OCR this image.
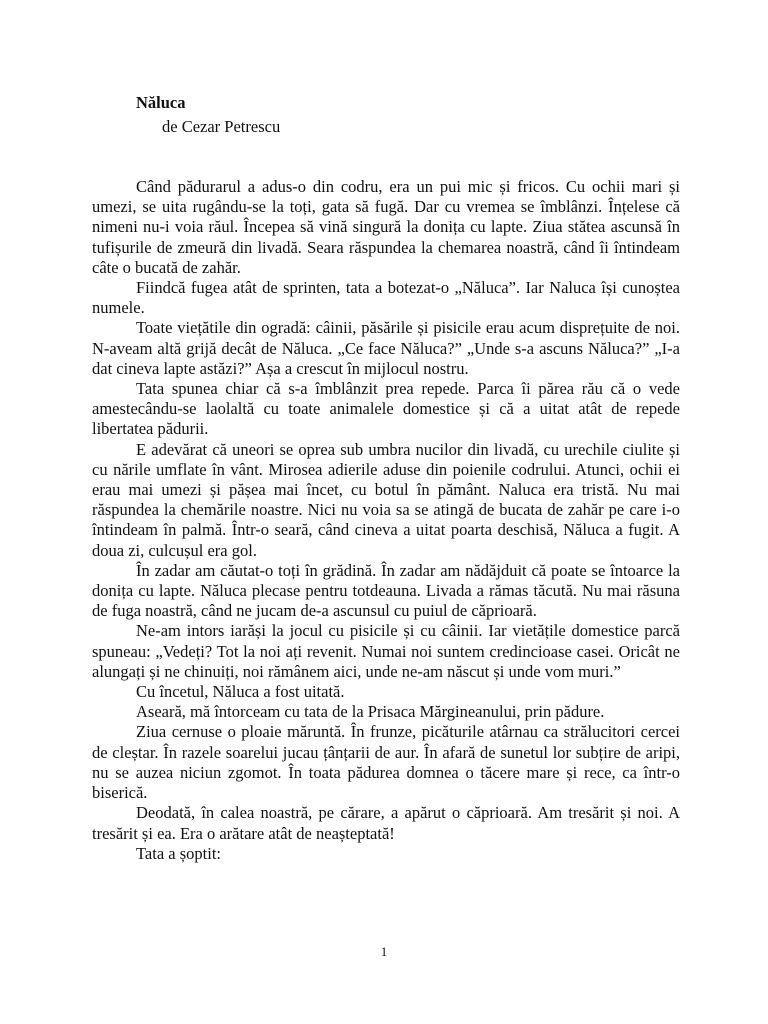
Năluca
de Cezar Petrescu

Când pădurarul a adus-o din codru, era un pui mic și fricos. Cu ochii mari și umezi, se uita rugându-se la toți, gata să fugă. Dar cu vremea se îmblânzi. Înțelese că nimeni nu-i voia răul. Începea să vină singură la donița cu lapte. Ziua stătea ascunsă în tufișurile de zmeură din livadă. Seara răspundea la chemarea noastră, când îi întindeam câte o bucată de zahăr.

Fiindcă fugea atât de sprinten, tata a botezat-o „Năluca”. Iar Naluca își cunoștea numele.

Toate viețătile din ogradă: câinii, păsările și pisicile erau acum disprețuite de noi. N-aveam altă grijă decât de Năluca. „Ce face Năluca?” „Unde s-a ascuns Năluca?” „I-a dat cineva lapte astăzi?” Așa a crescut în mijlocul nostru.

Tata spunea chiar că s-a îmblânzit prea repede. Parca îi părea rău că o vede amestecându-se laolaltă cu toate animalele domestice și că a uitat atât de repede libertatea pădurii.

E adevărat că uneori se oprea sub umbra nucilor din livadă, cu urechile ciulite și cu nările umflate în vânt. Mirosea adierile aduse din poienile codrului. Atunci, ochii ei erau mai umezi și pășea mai încet, cu botul în pământ. Naluca era tristă. Nu mai răspundea la chemările noastre. Nici nu voia sa se atingă de bucata de zahăr pe care i-o întindeam în palmă. Într-o seară, când cineva a uitat poarta deschisă, Năluca a fugit. A doua zi, culcușul era gol.

În zadar am căutat-o toți în grădină. În zadar am nădăjduit că poate se întoarce la donița cu lapte. Năluca plecase pentru totdeauna. Livada a rămas tăcută. Nu mai răsuna de fuga noastră, când ne jucam de-a ascunsul cu puiul de căprioară.

Ne-am intors iarăși la jocul cu pisicile și cu câinii. Iar vietățile domestice parcă spuneau: „Vedeți? Tot la noi ați revenit. Numai noi suntem credincioase casei. Oricât ne alungați și ne chinuiți, noi rămânem aici, unde ne-am născut și unde vom muri.”

Cu încetul, Năluca a fost uitată.

Aseară, mă întorceam cu tata de la Prisaca Mărgineanului, prin pădure.

Ziua cernuse o ploaie măruntă. În frunze, picăturile atârnau ca strălucitori cercei de cleștar. În razele soarelui jucau țânțarii de aur. În afară de sunetul lor subțire de aripi, nu se auzea niciun zgomot. În toata pădurea domnea o tăcere mare și rece, ca într-o biserică.

Deodată, în calea noastră, pe cărare, a apărut o căprioară. Am tresărit și noi. A tresărit și ea. Era o arătare atât de neașteptată!

Tata a șoptit:

1
